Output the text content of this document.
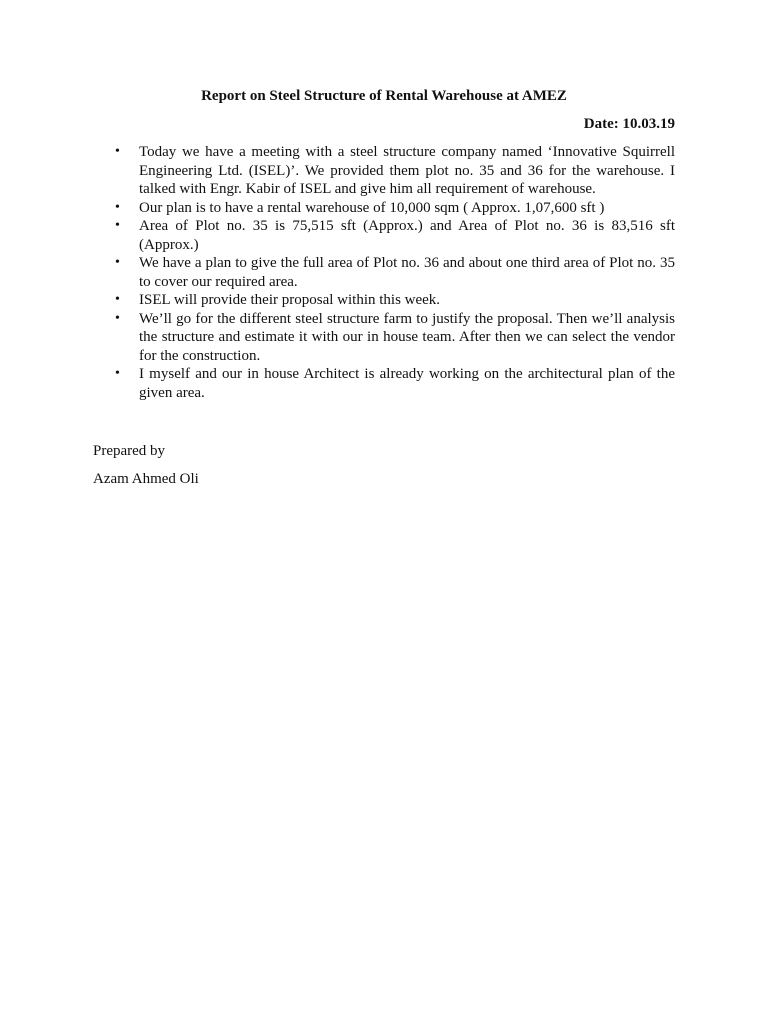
Report on Steel Structure of Rental Warehouse at AMEZ
Date: 10.03.19
• Today we have a meeting with a steel structure company named ‘Innovative Squirrell Engineering Ltd. (ISEL)’. We provided them plot no. 35 and 36 for the warehouse. I talked with Engr. Kabir of ISEL and give him all requirement of warehouse.
• Our plan is to have a rental warehouse of 10,000 sqm ( Approx. 1,07,600 sft )
• Area of Plot no. 35 is 75,515 sft (Approx.) and Area of Plot no. 36 is 83,516 sft (Approx.)
• We have a plan to give the full area of Plot no. 36 and about one third area of Plot no. 35 to cover our required area.
• ISEL will provide their proposal within this week.
• We’ll go for the different steel structure farm to justify the proposal. Then we’ll analysis the structure and estimate it with our in house team. After then we can select the vendor for the construction.
• I myself and our in house Architect is already working on the architectural plan of the given area.
Prepared by
Azam Ahmed Oli
